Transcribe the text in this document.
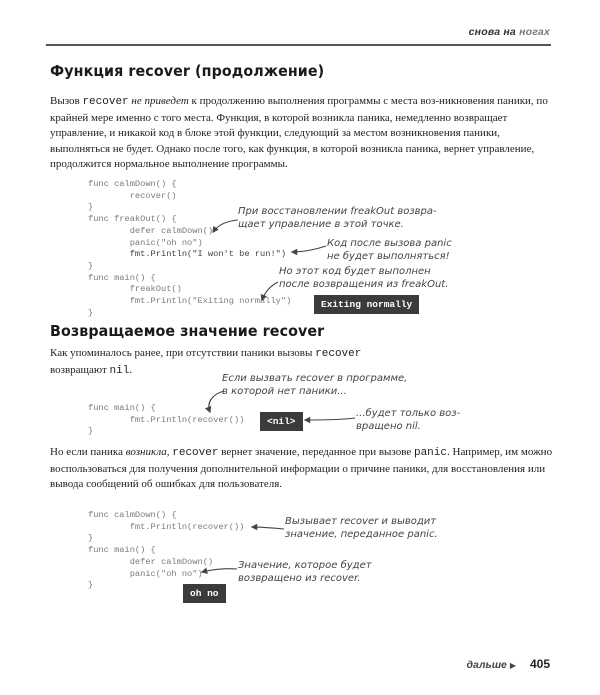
снова на ногах
Функция recover (продолжение)
Вызов recover не приведет к продолжению выполнения программы с места воз-никновения паники, по крайней мере именно с того места. Функция, в которой возникла паника, немедленно возвращает управление, и никакой код в блоке этой функции, следующий за местом возникновения паники, выполняться не будет. Однако после того, как функция, в которой возникла паника, вернет управление, продолжится нормальное выполнение программы.
func calmDown() {
recover()
}
func freakOut() {
defer calmDown()
panic("oh no")
fmt.Println("I won't be run!")
}
func main() {
freakOut()
fmt.Println("Exiting normally")
}
При восстановлении freakOut возвра-
щает управление в этой точке.
Код после вызова panic
не будет выполняться!
Но этот код будет выполнен
после возвращения из freakOut.
Exiting normally
Возвращаемое значение recover
Как упоминалось ранее, при отсутствии паники вызовы recover
возвращают nil.
func main() {
fmt.Println(recover())
}
Если вызвать recover в программе,
в которой нет паники...
<nil>
...будет только воз-
вращено nil.
Но если паника возникла, recover вернет значение, переданное при вызове panic. Например, им можно воспользоваться для получения дополнительной информации о причине паники, для восстановления или вывода сообщений об ошибках для пользователя.
func calmDown() {
fmt.Println(recover())
}
func main() {
defer calmDown()
panic("oh no")
}
Вызывает recover и выводит
значение, переданное panic.
Значение, которое будет
возвращено из recover.
oh no
дальше ▶ 405
